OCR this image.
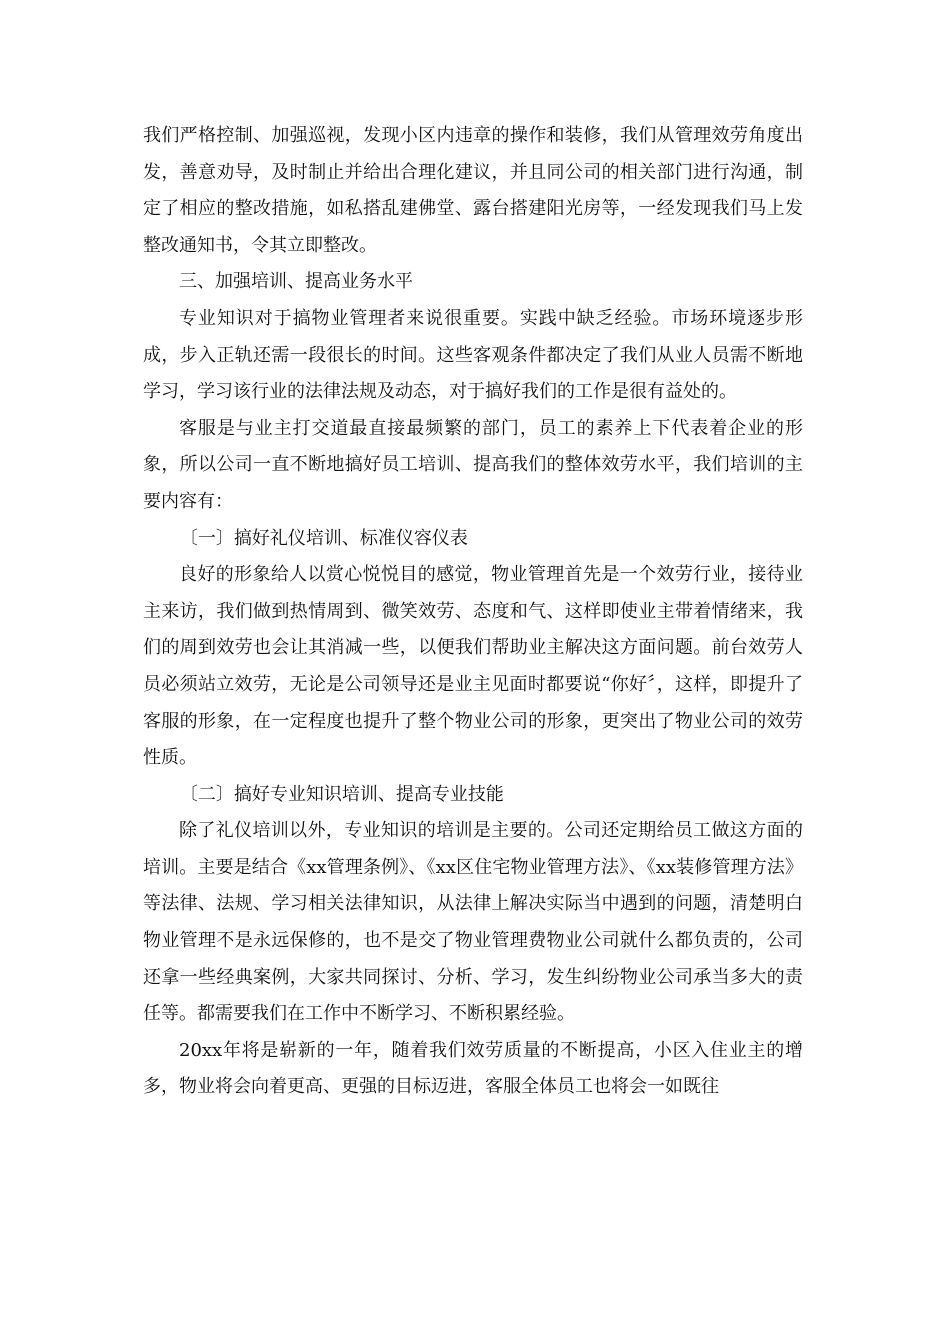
我们严格控制、加强巡视，发现小区内违章的操作和装修，我们从管理效劳角度出发，善意劝导，及时制止并给出合理化建议，并且同公司的相关部门进行沟通，制定了相应的整改措施，如私搭乱建佛堂、露台搭建阳光房等，一经发现我们马上发整改通知书，令其立即整改。

三、加强培训、提高业务水平

专业知识对于搞物业管理者来说很重要。实践中缺乏经验。市场环境逐步形成，步入正轨还需一段很长的时间。这些客观条件都决定了我们从业人员需不断地学习，学习该行业的法律法规及动态，对于搞好我们的工作是很有益处的。

客服是与业主打交道最直接最频繁的部门，员工的素养上下代表着企业的形象，所以公司一直不断地搞好员工培训、提高我们的整体效劳水平，我们培训的主要内容有：

〔一〕搞好礼仪培训、标准仪容仪表

良好的形象给人以赏心悦悦目的感觉，物业管理首先是一个效劳行业，接待业主来访，我们做到热情周到、微笑效劳、态度和气、这样即使业主带着情绪来，我们的周到效劳也会让其消减一些，以便我们帮助业主解决这方面问题。前台效劳人员必须站立效劳，无论是公司领导还是业主见面时都要说“你好〞，这样，即提升了客服的形象，在一定程度也提升了整个物业公司的形象，更突出了物业公司的效劳性质。

〔二〕搞好专业知识培训、提高专业技能

除了礼仪培训以外，专业知识的培训是主要的。公司还定期给员工做这方面的培训。主要是结合《xx管理条例》、《xx区住宅物业管理方法》、《xx装修管理方法》等法律、法规、学习相关法律知识，从法律上解决实际当中遇到的问题，清楚明白物业管理不是永远保修的，也不是交了物业管理费物业公司就什么都负责的，公司还拿一些经典案例，大家共同探讨、分析、学习，发生纠纷物业公司承当多大的责任等。都需要我们在工作中不断学习、不断积累经验。

20xx年将是崭新的一年，随着我们效劳质量的不断提高，小区入住业主的增多，物业将会向着更高、更强的目标迈进，客服全体员工也将会一如既往
